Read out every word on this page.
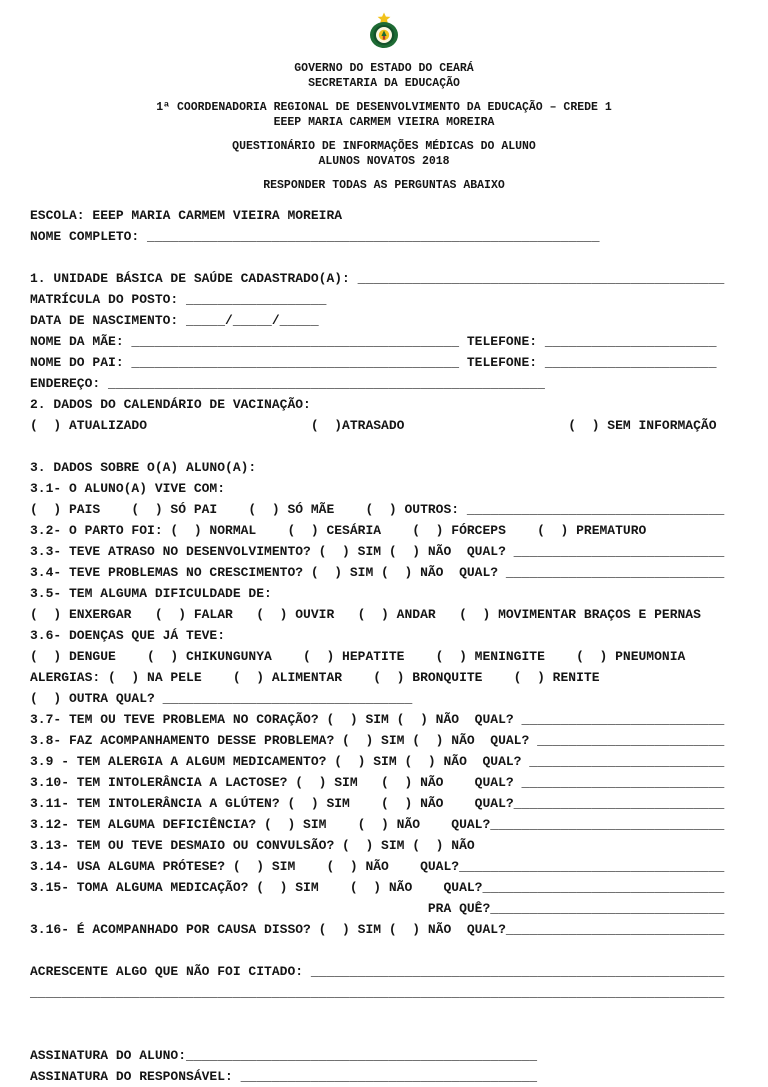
GOVERNO DO ESTADO DO CEARÁ
SECRETARIA DA EDUCAÇÃO
1ª COORDENADORIA REGIONAL DE DESENVOLVIMENTO DA EDUCAÇÃO – CREDE 1
EEEP MARIA CARMEM VIEIRA MOREIRA
QUESTIONÁRIO DE INFORMAÇÕES MÉDICAS DO ALUNO
ALUNOS NOVATOS 2018
RESPONDER TODAS AS PERGUNTAS ABAIXO
ESCOLA: EEEP MARIA CARMEM VIEIRA MOREIRA
NOME COMPLETO: __________________________________________________________
1. UNIDADE BÁSICA DE SAÚDE CADASTRADO(A): _______________________________________________
MATRÍCULA DO POSTO: __________________
DATA DE NASCIMENTO: _____/_____/_____
NOME DA MÃE: __________________________________________ TELEFONE: ______________________
NOME DO PAI: __________________________________________ TELEFONE: ______________________
ENDEREÇO: ________________________________________________________
2. DADOS DO CALENDÁRIO DE VACINAÇÃO:
(  ) ATUALIZADO                     (  )ATRASADO                     (  ) SEM INFORMAÇÃO
3. DADOS SOBRE O(A) ALUNO(A):
3.1- O ALUNO(A) VIVE COM:
(  ) PAIS    (  ) SÓ PAI    (  ) SÓ MÃE    (  ) OUTROS: _________________________________
3.2- O PARTO FOI: (  ) NORMAL    (  ) CESÁRIA    (  ) FÓRCEPS    (  ) PREMATURO
3.3- TEVE ATRASO NO DESENVOLVIMENTO? (  ) SIM (  ) NÃO  QUAL? ___________________________
3.4- TEVE PROBLEMAS NO CRESCIMENTO? (  ) SIM (  ) NÃO  QUAL? ____________________________
3.5- TEM ALGUMA DIFICULDADE DE:
(  ) ENXERGAR   (  ) FALAR   (  ) OUVIR   (  ) ANDAR   (  ) MOVIMENTAR BRAÇOS E PERNAS
3.6- DOENÇAS QUE JÁ TEVE:
(  ) DENGUE    (  ) CHIKUNGUNYA    (  ) HEPATITE    (  ) MENINGITE    (  ) PNEUMONIA
ALERGIAS: (  ) NA PELE    (  ) ALIMENTAR    (  ) BRONQUITE    (  ) RENITE
(  ) OUTRA QUAL? ________________________________
3.7- TEM OU TEVE PROBLEMA NO CORAÇÃO? (  ) SIM (  ) NÃO  QUAL? __________________________
3.8- FAZ ACOMPANHAMENTO DESSE PROBLEMA? (  ) SIM (  ) NÃO  QUAL? ________________________
3.9 - TEM ALERGIA A ALGUM MEDICAMENTO? (  ) SIM (  ) NÃO  QUAL? _________________________
3.10- TEM INTOLERÂNCIA A LACTOSE? (  ) SIM   (  ) NÃO    QUAL? __________________________
3.11- TEM INTOLERÂNCIA A GLÚTEN? (  ) SIM    (  ) NÃO    QUAL?___________________________
3.12- TEM ALGUMA DEFICIÊNCIA? (  ) SIM    (  ) NÃO    QUAL?______________________________
3.13- TEM OU TEVE DESMAIO OU CONVULSÃO? (  ) SIM (  ) NÃO
3.14- USA ALGUMA PRÓTESE? (  ) SIM    (  ) NÃO    QUAL?__________________________________
3.15- TOMA ALGUMA MEDICAÇÃO? (  ) SIM    (  ) NÃO    QUAL?_______________________________
PRA QUÊ?______________________________
3.16- É ACOMPANHADO POR CAUSA DISSO? (  ) SIM (  ) NÃO  QUAL?____________________________
ACRESCENTE ALGO QUE NÃO FOI CITADO: _____________________________________________________
_________________________________________________________________________________________
ASSINATURA DO ALUNO:_____________________________________________
ASSINATURA DO RESPONSÁVEL: ______________________________________
